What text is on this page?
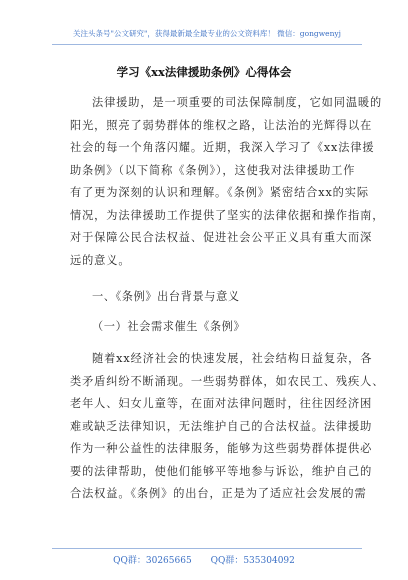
关注头条号"公文研究"，获得最新最全最专业的公文资料库！ 微信：gongwenyj
学习《xx法律援助条例》心得体会
法律援助，是一项重要的司法保障制度，它如同温暖的
阳光，照亮了弱势群体的维权之路，让法治的光辉得以在
社会的每一个角落闪耀。近期，我深入学习了《xx法律援
助条例》（以下简称《条例》），这使我对法律援助工作
有了更为深刻的认识和理解。《条例》紧密结合xx的实际
情况，为法律援助工作提供了坚实的法律依据和操作指南，
对于保障公民合法权益、促进社会公平正义具有重大而深
远的意义。
一、《条例》出台背景与意义
（一）社会需求催生《条例》
随着xx经济社会的快速发展，社会结构日益复杂，各
类矛盾纠纷不断涌现。一些弱势群体，如农民工、残疾人、
老年人、妇女儿童等，在面对法律问题时，往往因经济困
难或缺乏法律知识，无法维护自己的合法权益。法律援助
作为一种公益性的法律服务，能够为这些弱势群体提供必
要的法律帮助，使他们能够平等地参与诉讼，维护自己的
合法权益。《条例》的出台，正是为了适应社会发展的需
QQ群：30265665 QQ群：535304092
